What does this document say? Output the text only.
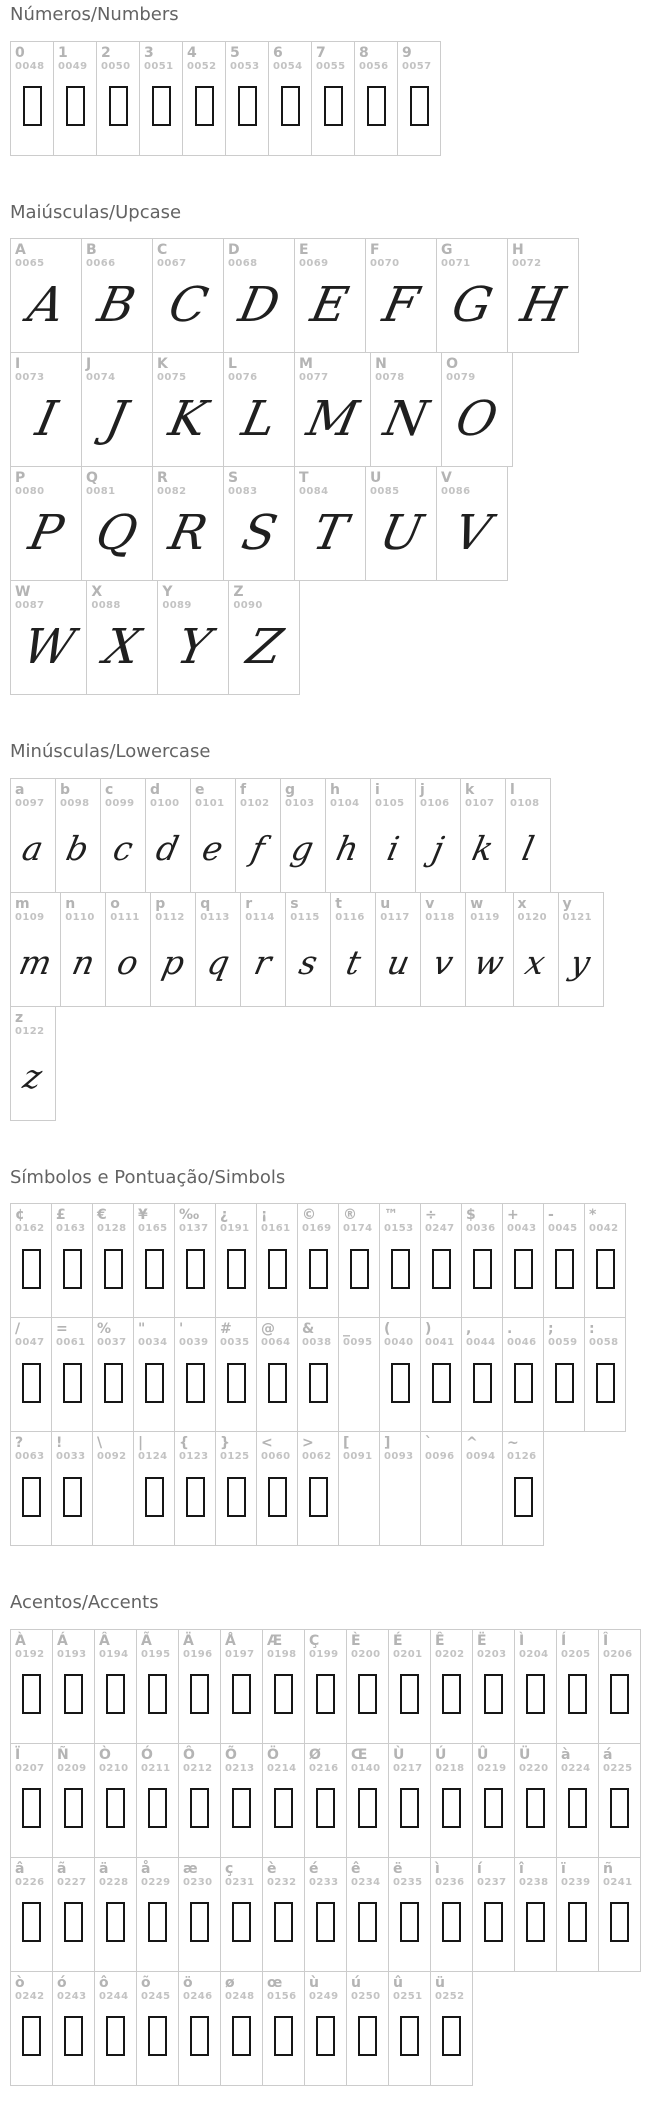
Números/Numbers
0
0048
1
0049
2
0050
3
0051
4
0052
5
0053
6
0054
7
0055
8
0056
9
0057
Maiúsculas/Upcase
A
0065
A
B
0066
B
C
0067
C
D
0068
D
E
0069
E
F
0070
F
G
0071
G
H
0072
H
I
0073
I
J
0074
J
K
0075
K
L
0076
L
M
0077
M
N
0078
N
O
0079
O
P
0080
P
Q
0081
Q
R
0082
R
S
0083
S
T
0084
T
U
0085
U
V
0086
V
W
0087
W
X
0088
X
Y
0089
Y
Z
0090
Z
Minúsculas/Lowercase
a
0097
a
b
0098
b
c
0099
c
d
0100
d
e
0101
e
f
0102
f
g
0103
g
h
0104
h
i
0105
i
j
0106
j
k
0107
k
l
0108
l
m
0109
m
n
0110
n
o
0111
o
p
0112
p
q
0113
q
r
0114
r
s
0115
s
t
0116
t
u
0117
u
v
0118
v
w
0119
w
x
0120
x
y
0121
y
z
0122
z
Símbolos e Pontuação/Simbols
¢
0162
£
0163
€
0128
¥
0165
‰
0137
¿
0191
¡
0161
©
0169
®
0174
™
0153
÷
0247
$
0036
+
0043
-
0045
*
0042
/
0047
=
0061
%
0037
"
0034
'
0039
#
0035
@
0064
&
0038
_
0095
(
0040
)
0041
,
0044
.
0046
;
0059
:
0058
?
0063
!
0033
\
0092
|
0124
{
0123
}
0125
<
0060
>
0062
[
0091
]
0093
`
0096
^
0094
~
0126
Acentos/Accents
À
0192
Á
0193
Â
0194
Ã
0195
Ä
0196
Å
0197
Æ
0198
Ç
0199
È
0200
É
0201
Ê
0202
Ë
0203
Ì
0204
Í
0205
Î
0206
Ï
0207
Ñ
0209
Ò
0210
Ó
0211
Ô
0212
Õ
0213
Ö
0214
Ø
0216
Œ
0140
Ù
0217
Ú
0218
Û
0219
Ü
0220
à
0224
á
0225
â
0226
ã
0227
ä
0228
å
0229
æ
0230
ç
0231
è
0232
é
0233
ê
0234
ë
0235
ì
0236
í
0237
î
0238
ï
0239
ñ
0241
ò
0242
ó
0243
ô
0244
õ
0245
ö
0246
ø
0248
œ
0156
ù
0249
ú
0250
û
0251
ü
0252
